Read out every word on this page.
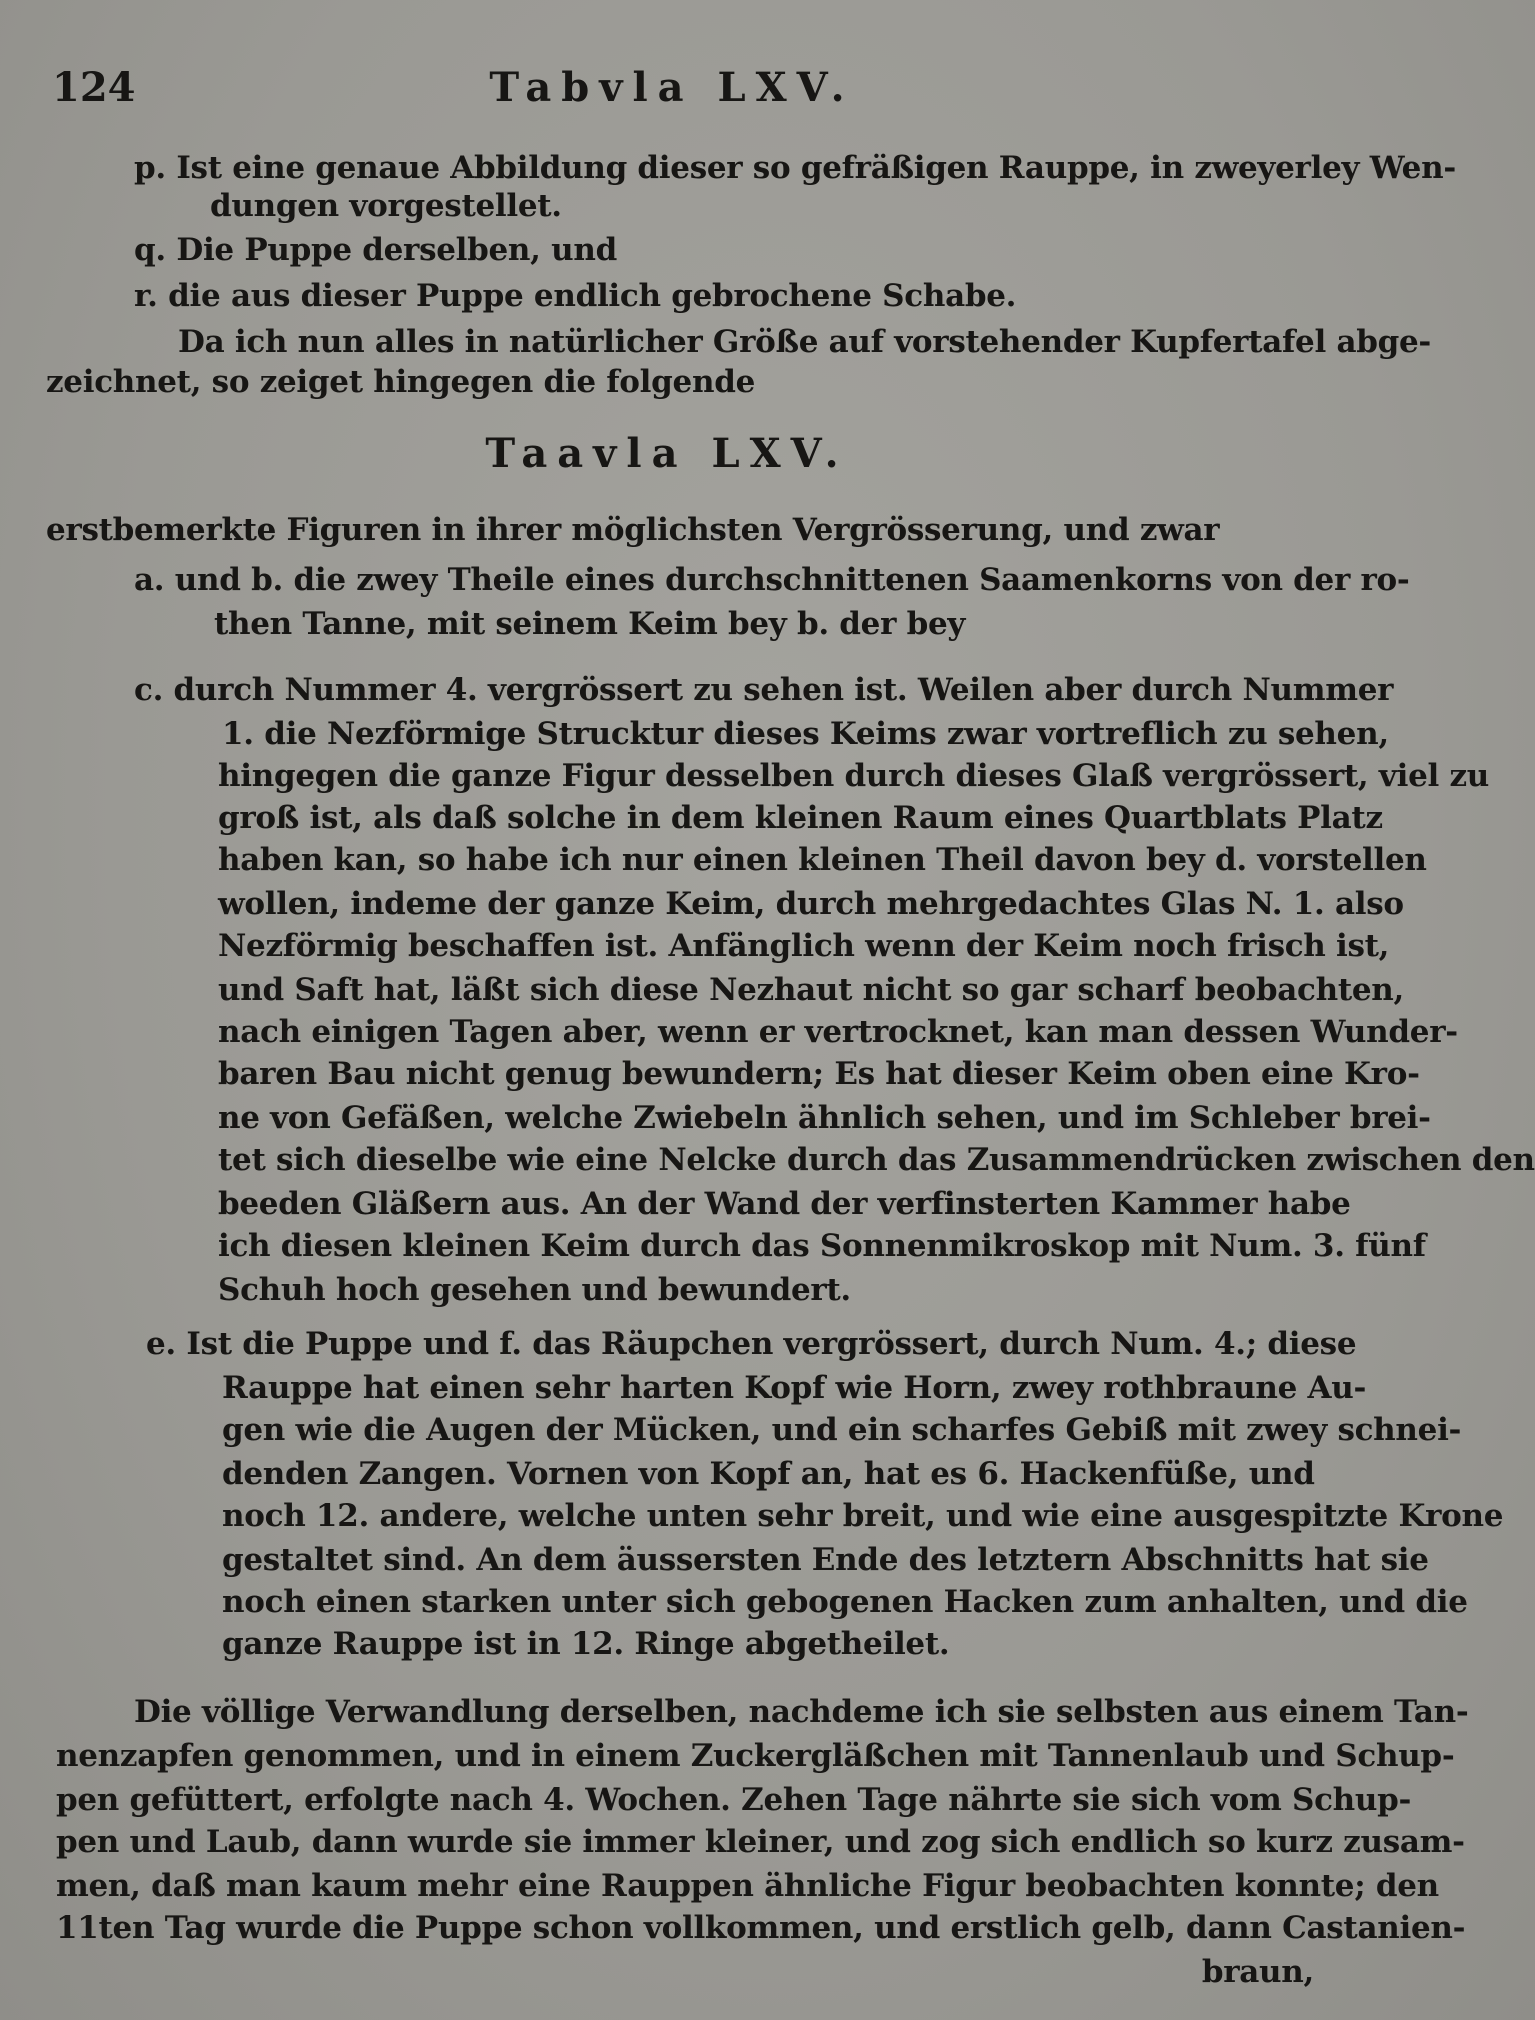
124	Tabvla LXV.
p. Ist eine genaue Abbildung dieser so gefräßigen Rauppe, in zweyerley Wen-
dungen vorgestellet.
q. Die Puppe derselben, und
r. die aus dieser Puppe endlich gebrochene Schabe.
Da ich nun alles in natürlicher Größe auf vorstehender Kupfertafel abge-
zeichnet, so zeiget hingegen die folgende
Taavla LXV.
erstbemerkte Figuren in ihrer möglichsten Vergrösserung, und zwar
a. und b. die zwey Theile eines durchschnittenen Saamenkorns von der ro-
then Tanne, mit seinem Keim bey b. der bey
c. durch Nummer 4. vergrössert zu sehen ist. Weilen aber durch Nummer
1. die Nezförmige Strucktur dieses Keims zwar vortreflich zu sehen,
hingegen die ganze Figur desselben durch dieses Glaß vergrössert, viel zu
groß ist, als daß solche in dem kleinen Raum eines Quartblats Platz
haben kan, so habe ich nur einen kleinen Theil davon bey d. vorstellen
wollen, indeme der ganze Keim, durch mehrgedachtes Glas N. 1. also
Nezförmig beschaffen ist. Anfänglich wenn der Keim noch frisch ist,
und Saft hat, läßt sich diese Nezhaut nicht so gar scharf beobachten,
nach einigen Tagen aber, wenn er vertrocknet, kan man dessen Wunder-
baren Bau nicht genug bewundern; Es hat dieser Keim oben eine Kro-
ne von Gefäßen, welche Zwiebeln ähnlich sehen, und im Schleber brei-
tet sich dieselbe wie eine Nelcke durch das Zusammendrücken zwischen den
beeden Gläßern aus. An der Wand der verfinsterten Kammer habe
ich diesen kleinen Keim durch das Sonnenmikroskop mit Num. 3. fünf
Schuh hoch gesehen und bewundert.
e. Ist die Puppe und f. das Räupchen vergrössert, durch Num. 4.; diese
Rauppe hat einen sehr harten Kopf wie Horn, zwey rothbraune Au-
gen wie die Augen der Mücken, und ein scharfes Gebiß mit zwey schnei-
denden Zangen. Vornen von Kopf an, hat es 6. Hackenfüße, und
noch 12. andere, welche unten sehr breit, und wie eine ausgespitzte Krone
gestaltet sind. An dem äussersten Ende des letztern Abschnitts hat sie
noch einen starken unter sich gebogenen Hacken zum anhalten, und die
ganze Rauppe ist in 12. Ringe abgetheilet.
Die völlige Verwandlung derselben, nachdeme ich sie selbsten aus einem Tan-
nenzapfen genommen, und in einem Zuckergläßchen mit Tannenlaub und Schup-
pen gefüttert, erfolgte nach 4. Wochen. Zehen Tage nährte sie sich vom Schup-
pen und Laub, dann wurde sie immer kleiner, und zog sich endlich so kurz zusam-
men, daß man kaum mehr eine Rauppen ähnliche Figur beobachten konnte; den
11ten Tag wurde die Puppe schon vollkommen, und erstlich gelb, dann Castanien-
braun,
